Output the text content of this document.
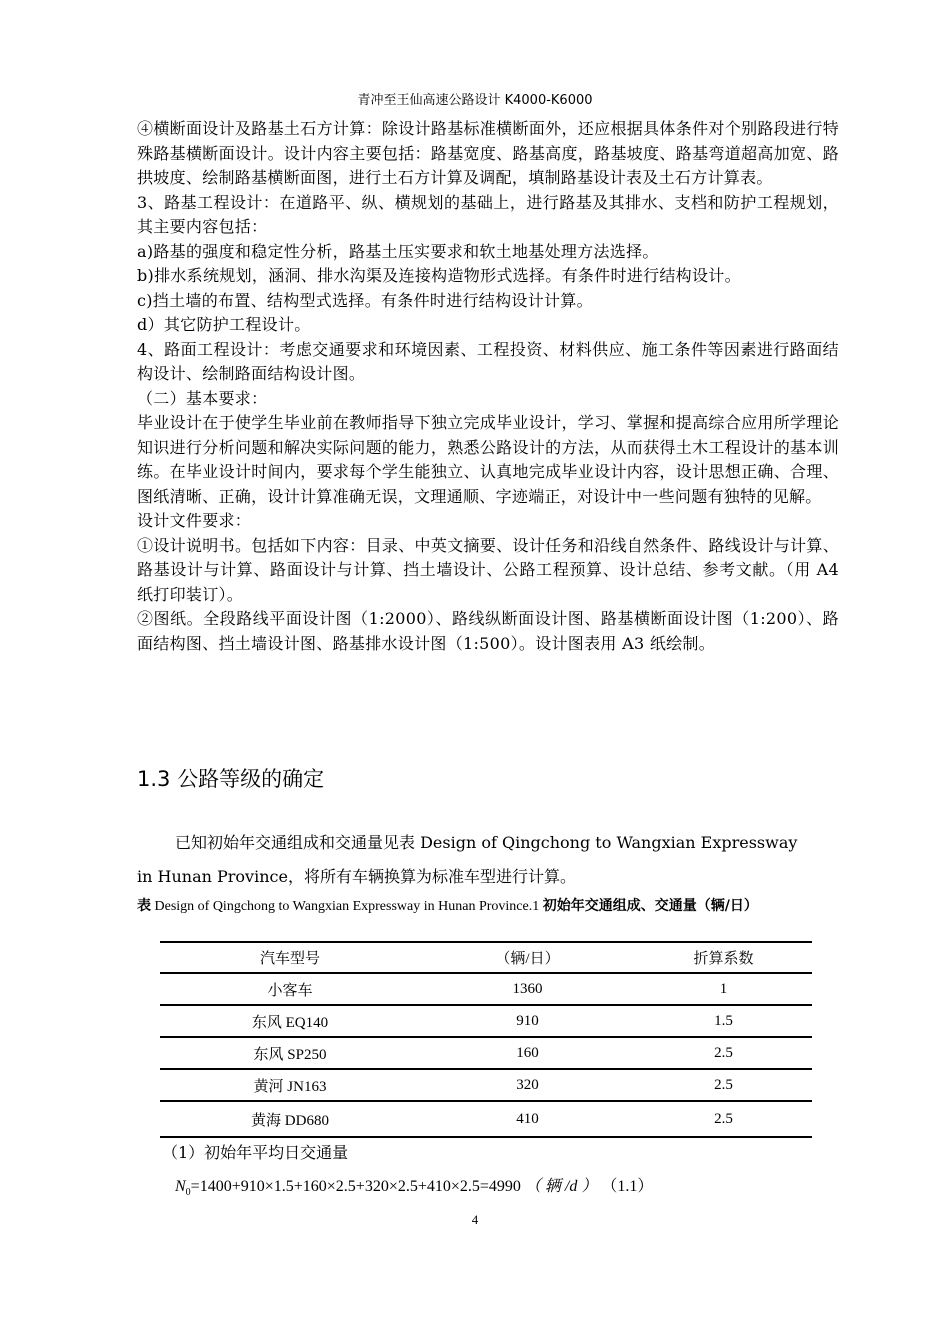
青冲至王仙高速公路设计 K4000-K6000

④横断面设计及路基土石方计算：除设计路基标准横断面外，还应根据具体条件对个别路段进行特殊路基横断面设计。设计内容主要包括：路基宽度、路基高度，路基坡度、路基弯道超高加宽、路拱坡度、绘制路基横断面图，进行土石方计算及调配，填制路基设计表及土石方计算表。

3、路基工程设计：在道路平、纵、横规划的基础上，进行路基及其排水、支档和防护工程规划，其主要内容包括：

a)路基的强度和稳定性分析，路基土压实要求和软土地基处理方法选择。

b)排水系统规划，涵洞、排水沟渠及连接构造物形式选择。有条件时进行结构设计。

c)挡土墙的布置、结构型式选择。有条件时进行结构设计计算。

d）其它防护工程设计。

4、路面工程设计：考虑交通要求和环境因素、工程投资、材料供应、施工条件等因素进行路面结构设计、绘制路面结构设计图。

（二）基本要求：

毕业设计在于使学生毕业前在教师指导下独立完成毕业设计，学习、掌握和提高综合应用所学理论知识进行分析问题和解决实际问题的能力，熟悉公路设计的方法，从而获得土木工程设计的基本训练。在毕业设计时间内，要求每个学生能独立、认真地完成毕业设计内容，设计思想正确、合理、图纸清晰、正确，设计计算准确无误，文理通顺、字迹端正，对设计中一些问题有独特的见解。

设计文件要求：

①设计说明书。包括如下内容：目录、中英文摘要、设计任务和沿线自然条件、路线设计与计算、路基设计与计算、路面设计与计算、挡土墙设计、公路工程预算、设计总结、参考文献。（用 A4 纸打印装订）。

②图纸。全段路线平面设计图（1:2000）、路线纵断面设计图、路基横断面设计图（1:200）、路面结构图、挡土墙设计图、路基排水设计图（1:500）。设计图表用 A3 纸绘制。

1.3 公路等级的确定
已知初始年交通组成和交通量见表 Design of Qingchong to Wangxian Expressway
in Hunan Province，将所有车辆换算为标准车型进行计算。
表 Design of Qingchong to Wangxian Expressway in Hunan Province.1 初始年交通组成、交通量（辆/日）
汽车型号	（辆/日）	折算系数
小客车	1360	1
东风 EQ140	910	1.5
东风 SP250	160	2.5
黄河 JN163	320	2.5
黄海 DD680	410	2.5
（1）初始年平均日交通量
$N_0=1400+910\times 1.5+160\times 2.5+320\times 2.5+410\times 2.5=4990$ （ 辆 /d ） （1.1）
4
